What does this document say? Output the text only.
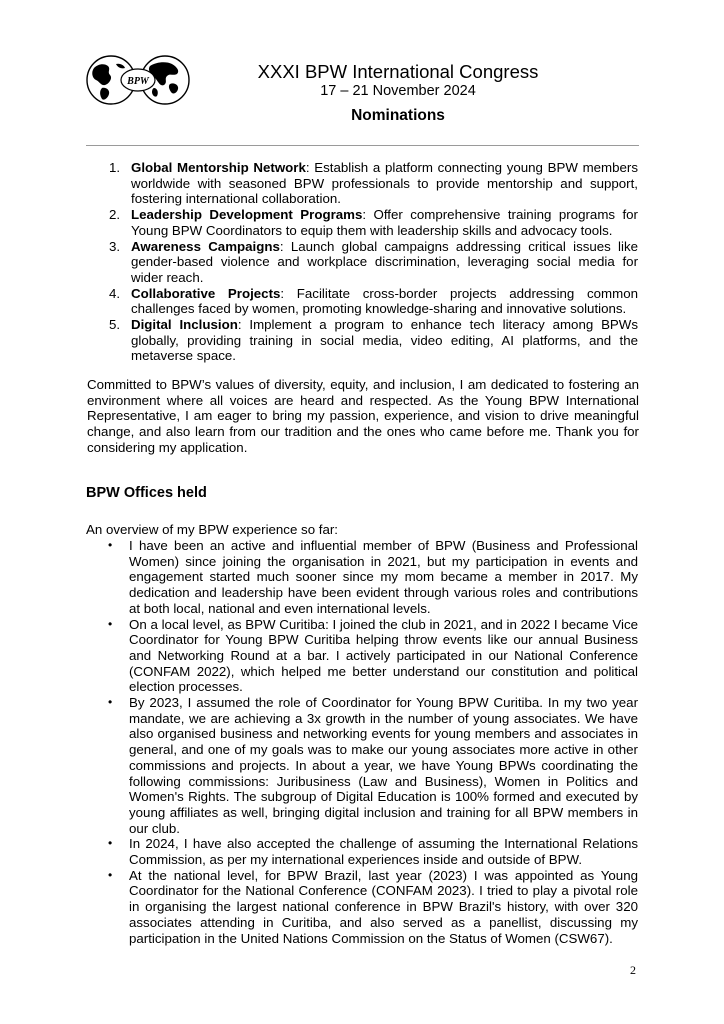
BPW	XXXI BPW International Congress
17 – 21 November 2024
Nominations
1. Global Mentorship Network: Establish a platform connecting young BPW members worldwide with seasoned BPW professionals to provide mentorship and support, fostering international collaboration.
2. Leadership Development Programs: Offer comprehensive training programs for Young BPW Coordinators to equip them with leadership skills and advocacy tools.
3. Awareness Campaigns: Launch global campaigns addressing critical issues like gender-based violence and workplace discrimination, leveraging social media for wider reach.
4. Collaborative Projects: Facilitate cross-border projects addressing common challenges faced by women, promoting knowledge-sharing and innovative solutions.
5. Digital Inclusion: Implement a program to enhance tech literacy among BPWs globally, providing training in social media, video editing, AI platforms, and the metaverse space.

Committed to BPW’s values of diversity, equity, and inclusion, I am dedicated to fostering an environment where all voices are heard and respected. As the Young BPW International Representative, I am eager to bring my passion, experience, and vision to drive meaningful change, and also learn from our tradition and the ones who came before me. Thank you for considering my application.

BPW Offices held

An overview of my BPW experience so far:

• I have been an active and influential member of BPW (Business and Professional Women) since joining the organisation in 2021, but my participation in events and engagement started much sooner since my mom became a member in 2017. My dedication and leadership have been evident through various roles and contributions at both local, national and even international levels.
• On a local level, as BPW Curitiba: I joined the club in 2021, and in 2022 I became Vice Coordinator for Young BPW Curitiba helping throw events like our annual Business and Networking Round at a bar. I actively participated in our National Conference (CONFAM 2022), which helped me better understand our constitution and political election processes.
• By 2023, I assumed the role of Coordinator for Young BPW Curitiba. In my two year mandate, we are achieving a 3x growth in the number of young associates. We have also organised business and networking events for young members and associates in general, and one of my goals was to make our young associates more active in other commissions and projects. In about a year, we have Young BPWs coordinating the following commissions: Juribusiness (Law and Business), Women in Politics and Women's Rights. The subgroup of Digital Education is 100% formed and executed by young affiliates as well, bringing digital inclusion and training for all BPW members in our club.
• In 2024, I have also accepted the challenge of assuming the International Relations Commission, as per my international experiences inside and outside of BPW.
• At the national level, for BPW Brazil, last year (2023) I was appointed as Young Coordinator for the National Conference (CONFAM 2023). I tried to play a pivotal role in organising the largest national conference in BPW Brazil's history, with over 320 associates attending in Curitiba, and also served as a panellist, discussing my participation in the United Nations Commission on the Status of Women (CSW67).
2
